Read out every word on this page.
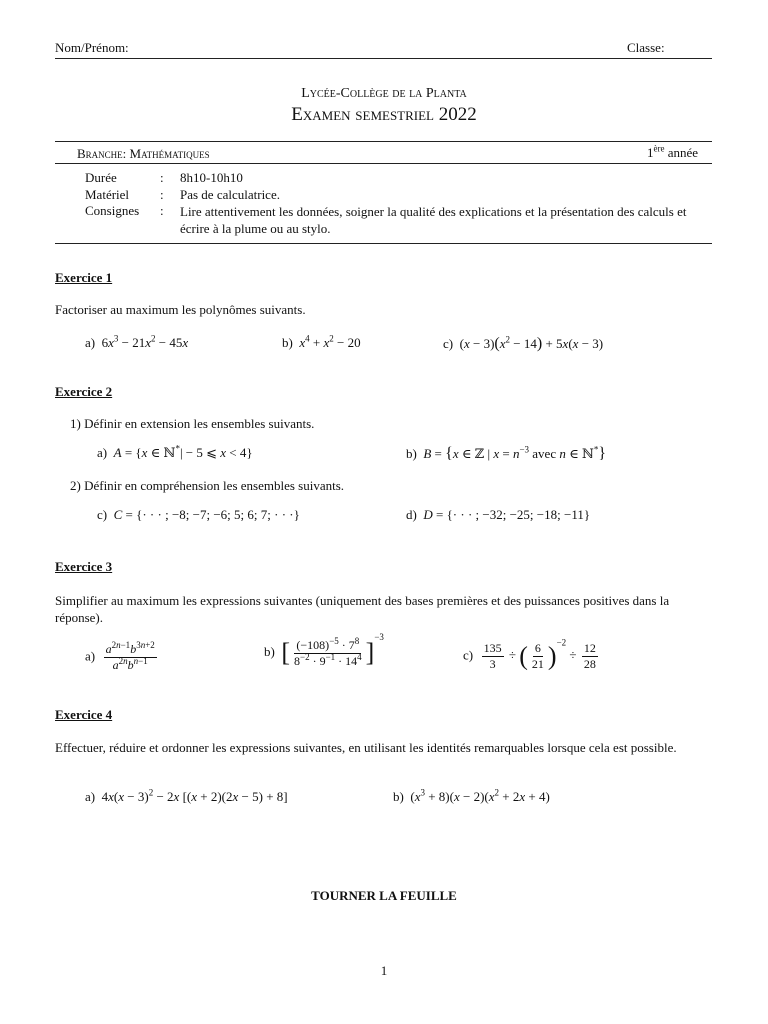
Nom/Prénom:	Classe:
Lycée-Collège de la Planta
Examen semestriel 2022
Branche: Mathématiques	1ère année
Durée	: 8h10-10h10
Matériel : Pas de calculatrice.
Consignes : Lire attentivement les données, soigner la qualité des explications et la présentation des calculs et écrire à la plume ou au stylo.
Exercice 1
Factoriser au maximum les polynômes suivants.
a) $6x^3 - 21x^2 - 45x$	b) $x^4 + x^2 - 20$	c)  $(x - 3)(x^2 - 14) + 5x(x - 3)$
Exercice 2
1) Définir en extension les ensembles suivants.
a) A = {x ∈ ℕ*| − 5 ⩽ x < 4}	b) B = {x ∈ ℤ | $x = n^{-3}$ avec n ∈ ℕ*}
2) Définir en compréhension les ensembles suivants.
c) C = {· · · ; −8; −7; −6; 5; 6; 7; · · ·}	d) D = {· · · ; −32; −25; −18; −11}
Exercice 3
Simplifier au maximum les expressions suivantes (uniquement des bases premières et des puissances positives dans la réponse).
a) $a^{2n-1}b^{3n+2}$
$a^{2n}b^{n-1}$
b) [ $\frac{(-108)^{-5} \cdot 7^8}{8^{-2} \cdot 9^{-1} \cdot 14^4} ]^{-3}$
$c) \frac{135}{3}$ ÷ ( $\frac{6}{21} )^{-2} \div \frac{12}{28}$
Exercice 4
Effectuer, réduire et ordonner les expressions suivantes, en utilisant les identités remarquables lorsque cela est possible.
a)  $4x(x - 3)^2 - 2x$ [(x + 2)(2x − 5) + 8]	b)  $(x^3 + 8)(x - 2)(x^2 + 2x + 4)$
TOURNER LA FEUILLE
1
